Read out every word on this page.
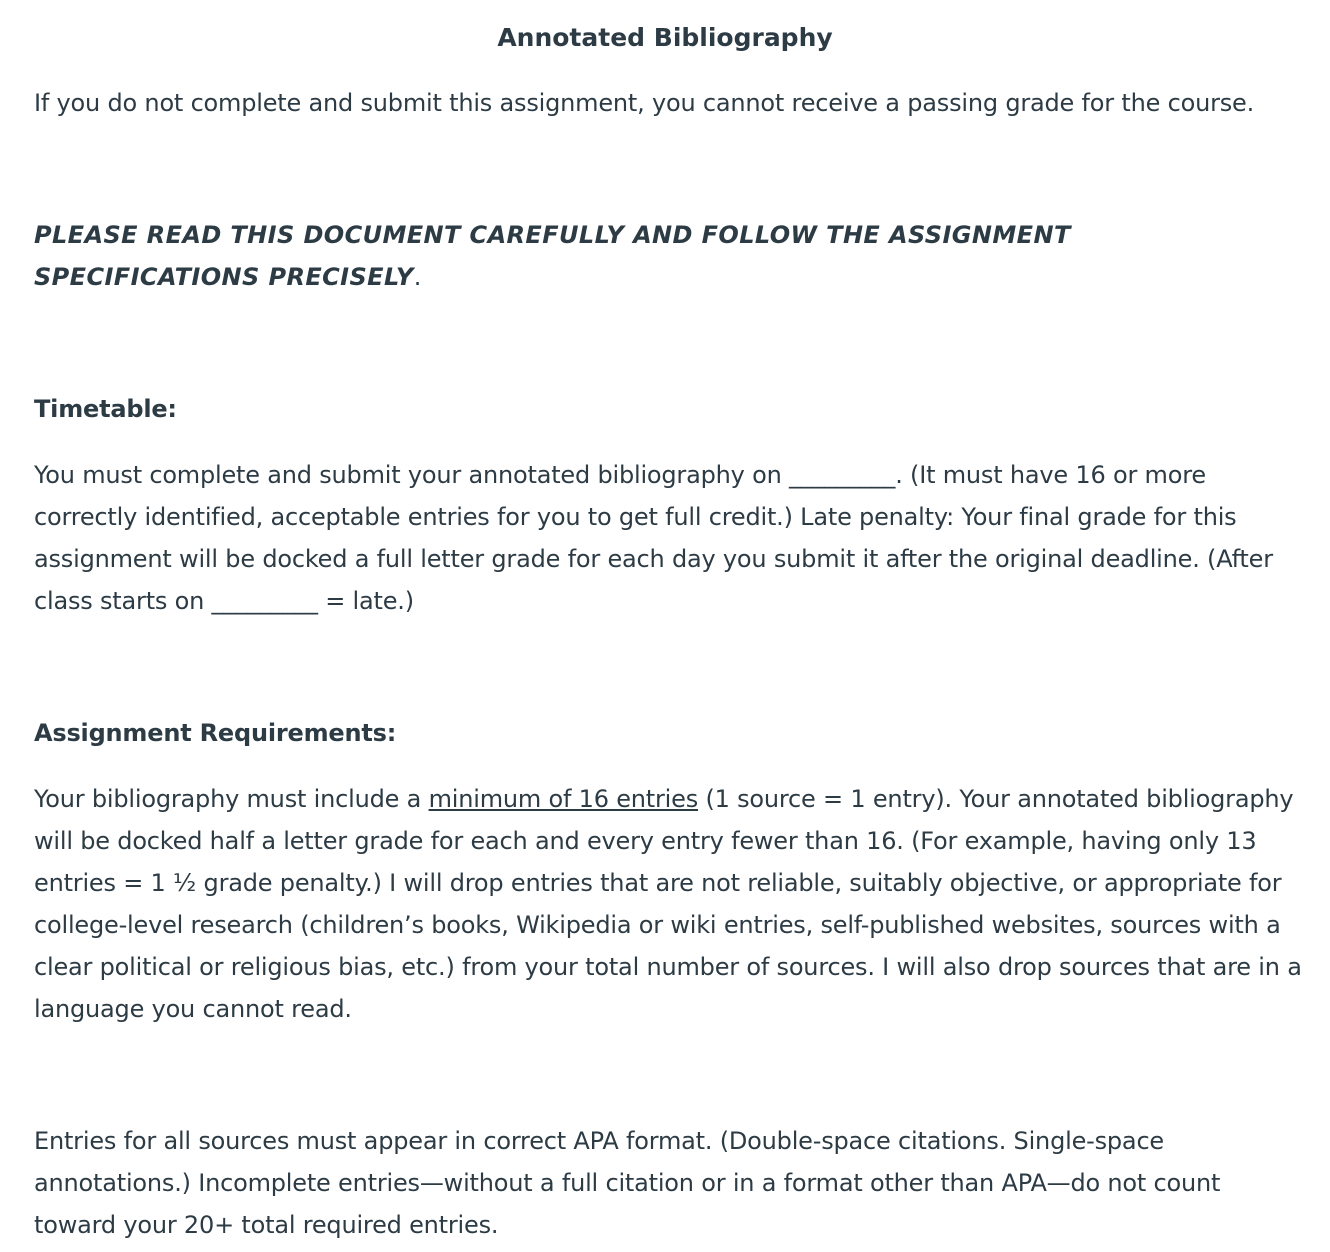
Annotated Bibliography

If you do not complete and submit this assignment, you cannot receive a passing grade for the course.

PLEASE READ THIS DOCUMENT CAREFULLY AND FOLLOW THE ASSIGNMENT SPECIFICATIONS PRECISELY.

Timetable:

You must complete and submit your annotated bibliography on _________. (It must have 16 or more correctly identified, acceptable entries for you to get full credit.) Late penalty: Your final grade for this assignment will be docked a full letter grade for each day you submit it after the original deadline. (After class starts on _________ = late.)

Assignment Requirements:

Your bibliography must include a minimum of 16 entries (1 source = 1 entry). Your annotated bibliography will be docked half a letter grade for each and every entry fewer than 16. (For example, having only 13 entries = 1 ½ grade penalty.) I will drop entries that are not reliable, suitably objective, or appropriate for college-level research (children’s books, Wikipedia or wiki entries, self-published websites, sources with a clear political or religious bias, etc.) from your total number of sources. I will also drop sources that are in a language you cannot read.

Entries for all sources must appear in correct APA format. (Double-space citations. Single-space annotations.) Incomplete entries—without a full citation or in a format other than APA—do not count toward your 20+ total required entries.
